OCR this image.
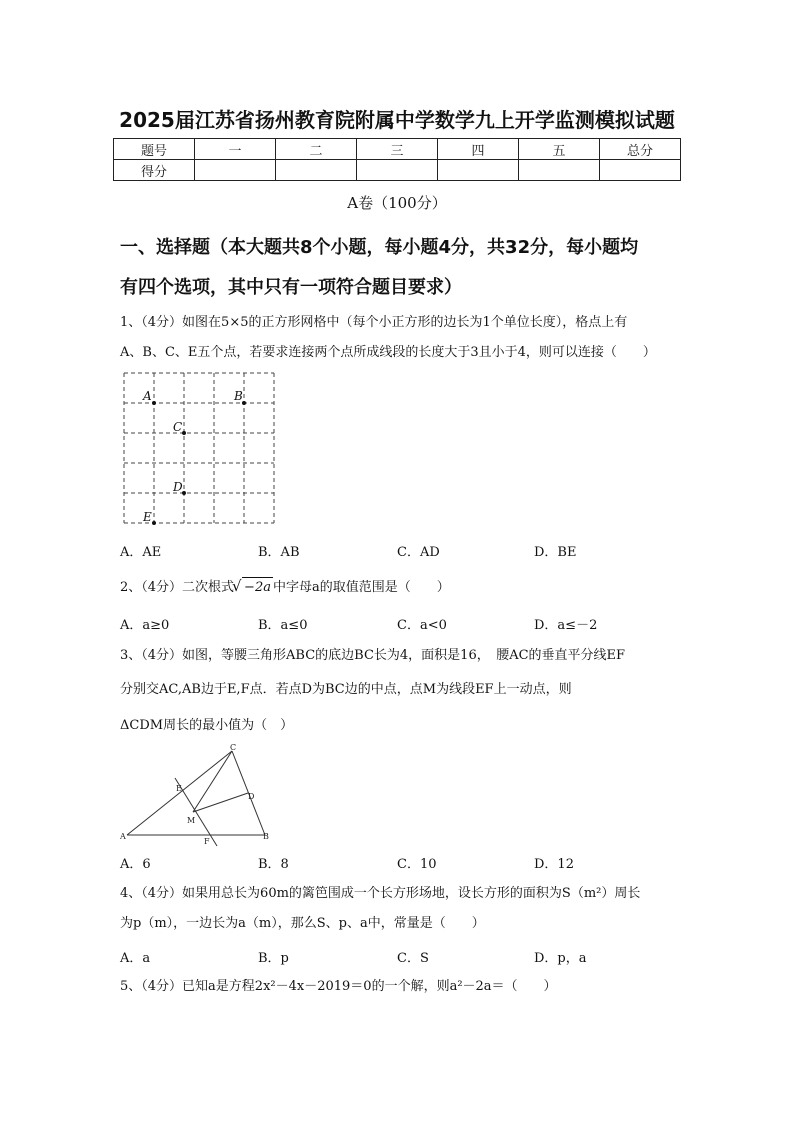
2025届江苏省扬州教育院附属中学数学九上开学监测模拟试题
题号	一	二	三	四	五	总分
得分						
A卷（100分）
一、选择题（本大题共8个小题，每小题4分，共32分，每小题均
有四个选项，其中只有一项符合题目要求）
1、（4分）如图在5×5的正方形网格中（每个小正方形的边长为1个单位长度），格点上有
A、B、C、E五个点，若要求连接两个点所成线段的长度大于3且小于4，则可以连接（　　）
A	B
C
D
E
A．AE	B．AB	C．AD	D．BE
2、（4分）二次根式 √ −2a 中字母a的取值范围是（　　）
A．a≥0	B．a≤0	C．a<0	D．a≤－2
3、（4分）如图，等腰三角形ABC的底边BC长为4，面积是16，　腰AC的垂直平分线EF
分别交AC,AB边于E,F点．若点D为BC边的中点，点M为线段EF上一动点，则
ΔCDM周长的最小值为（　）
C
E
D
M
A
F
B
A．6	B．8	C．10	D．12
4、（4分）如果用总长为60m的篱笆围成一个长方形场地，设长方形的面积为S（m²）周长
为p（m），一边长为a（m），那么S、p、a中，常量是（　　）
A．a	B．p	C．S	D．p，a
5、（4分）已知a是方程2x²－4x－2019＝0的一个解，则a²－2a＝（　　）
